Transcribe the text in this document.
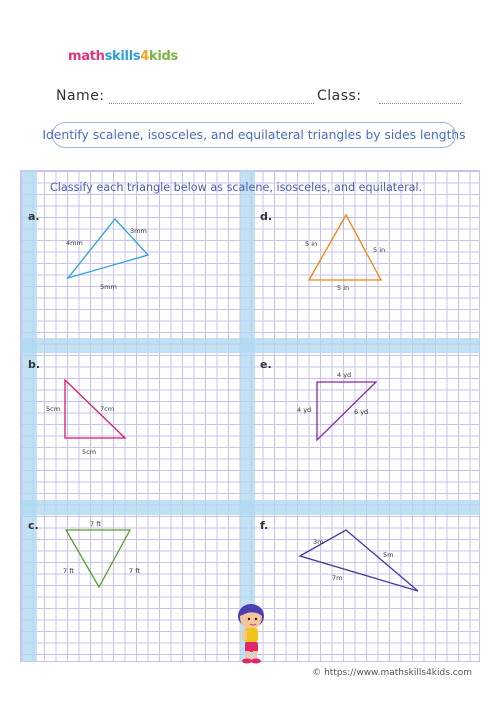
mathskills4kids
Name:	Class:
Identify scalene, isosceles, and equilateral triangles by sides lengths
Classify each triangle below as scalene, isosceles, and equilateral.
a.
b.
c.
d.
e.
f.
4mm
3mm
5mm
5cm	7cm
5cm
7 ft
7 ft	7 ft
5 in
5 in
5 in
4 yd
4 yd	6 yd
3m
5m
7m
© https://www.mathskills4kids.com
